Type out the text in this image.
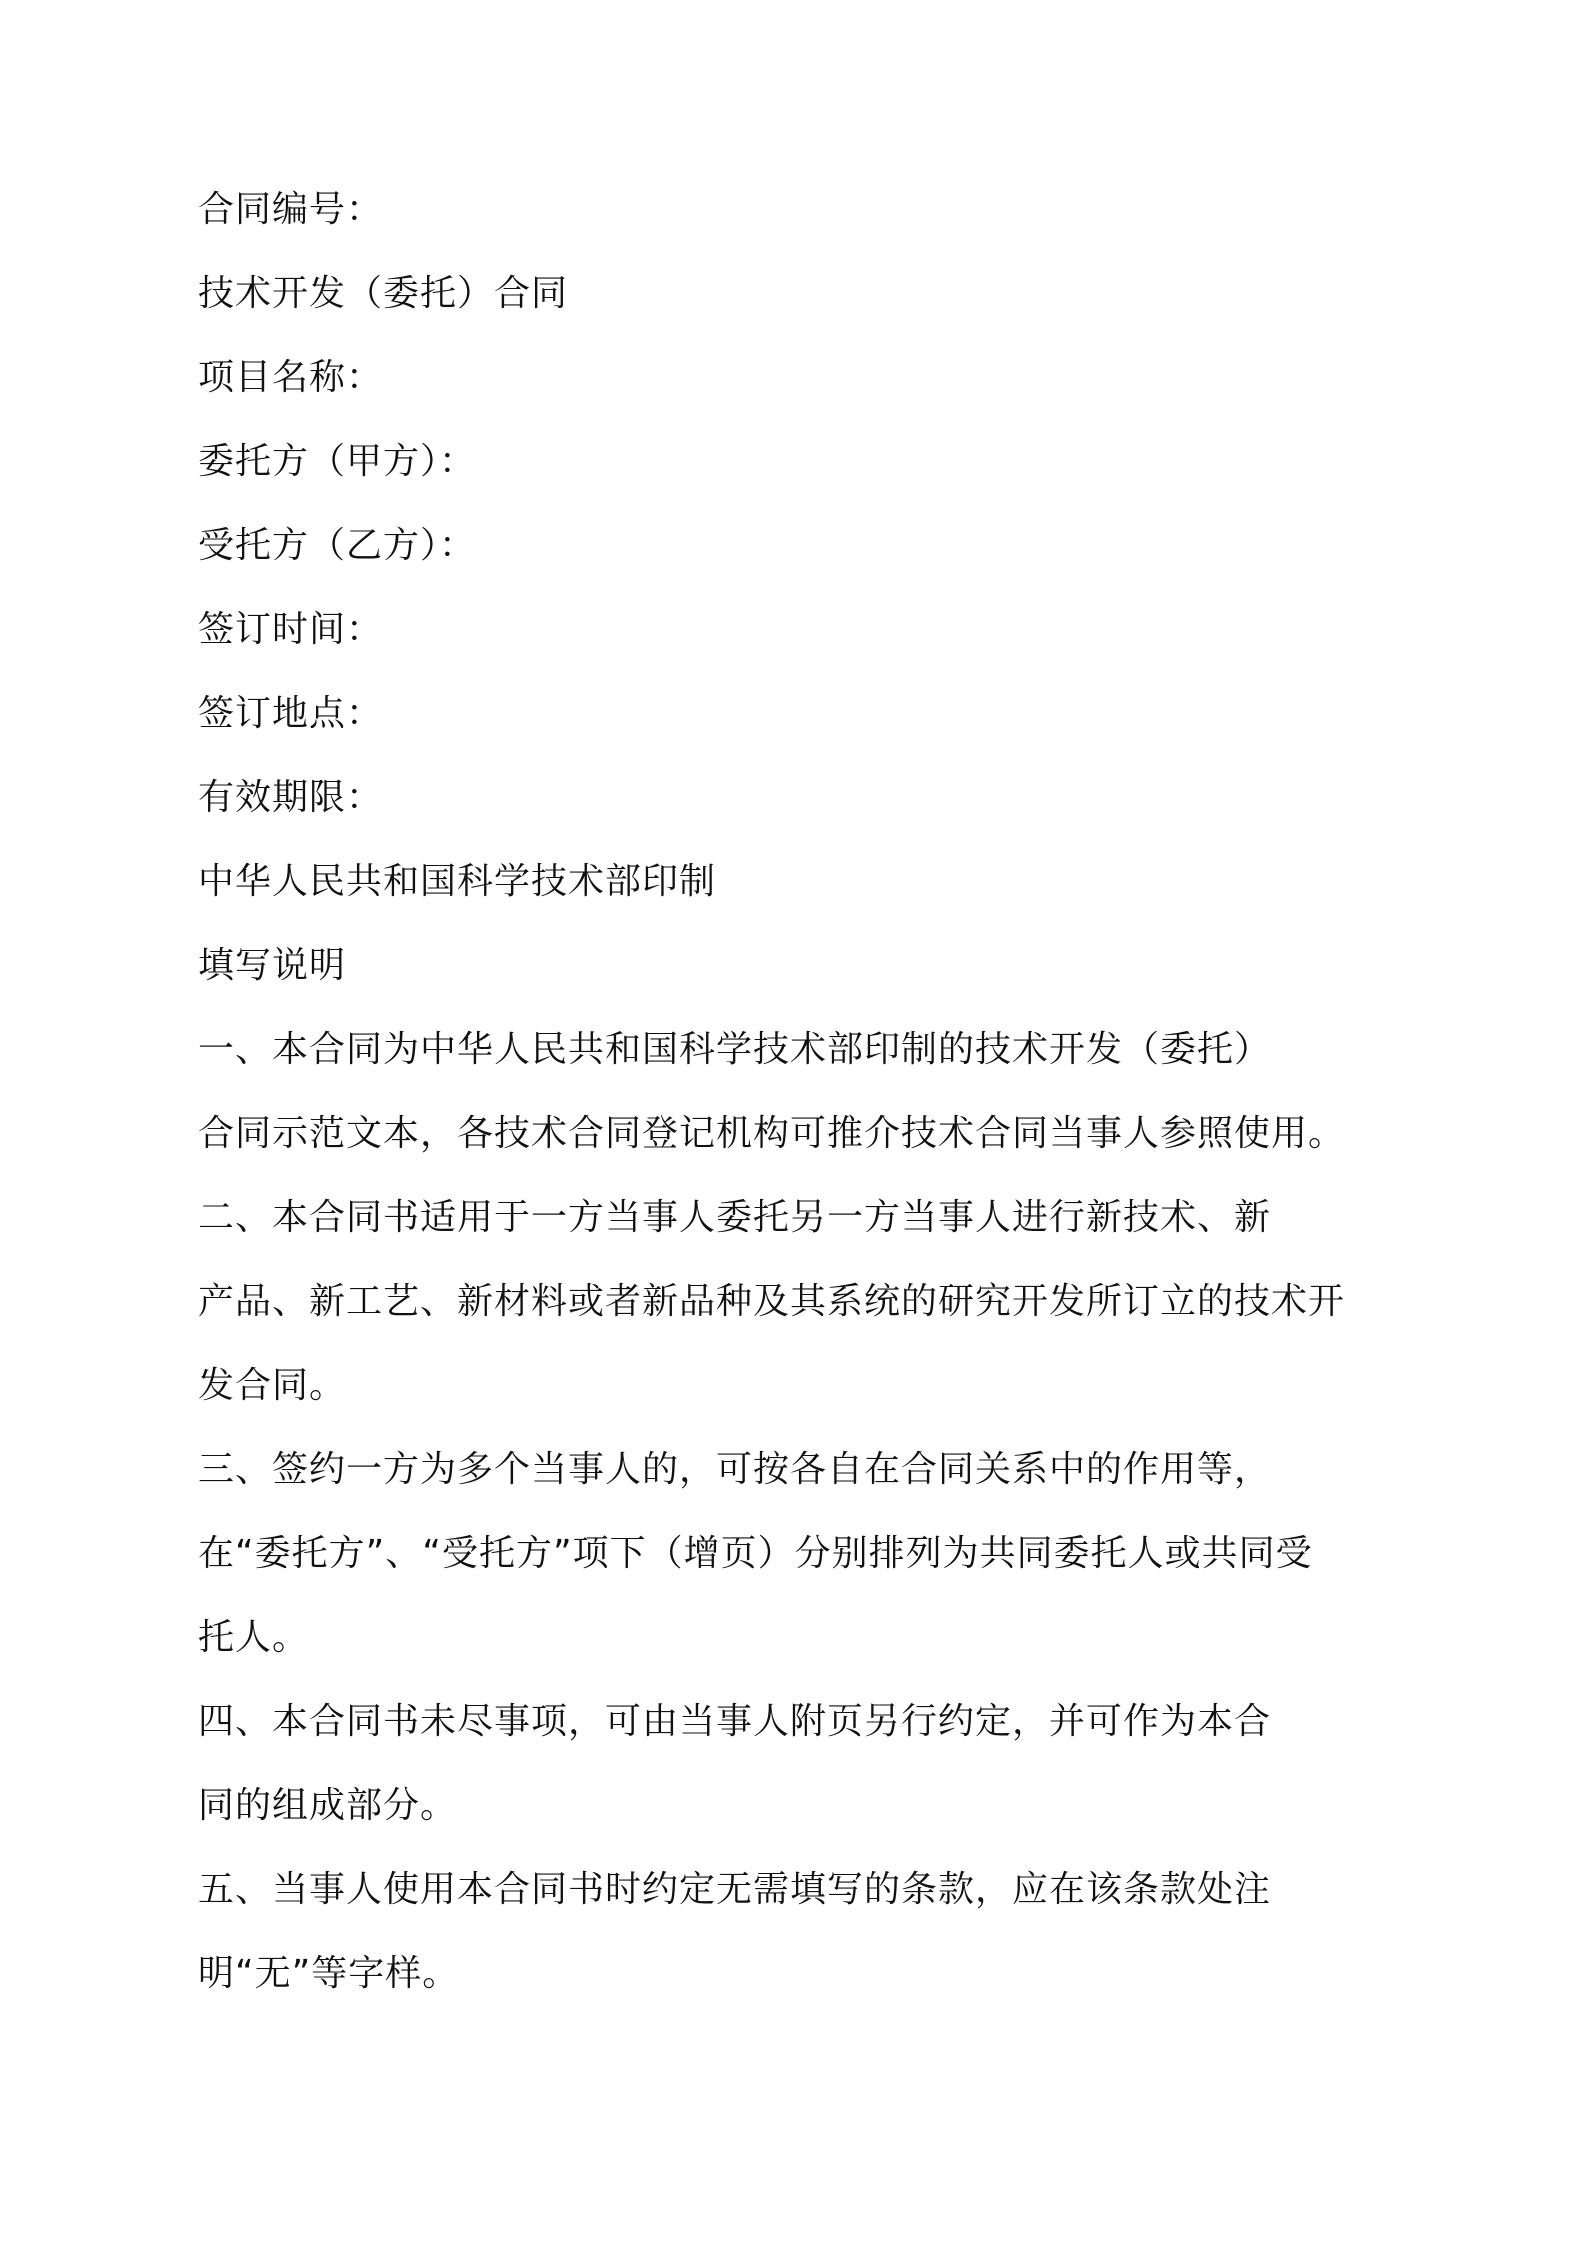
合同编号：
技术开发（委托）合同
项目名称：
委托方（甲方）：
受托方（乙方）：
签订时间：
签订地点：
有效期限：
中华人民共和国科学技术部印制
填写说明
一、本合同为中华人民共和国科学技术部印制的技术开发（委托）
合同示范文本，各技术合同登记机构可推介技术合同当事人参照使用。
二、本合同书适用于一方当事人委托另一方当事人进行新技术、新
产品、新工艺、新材料或者新品种及其系统的研究开发所订立的技术开
发合同。
三、签约一方为多个当事人的，可按各自在合同关系中的作用等，
在“委托方”、“受托方”项下（增页）分别排列为共同委托人或共同受
托人。
四、本合同书未尽事项，可由当事人附页另行约定，并可作为本合
同的组成部分。
五、当事人使用本合同书时约定无需填写的条款，应在该条款处注
明“无”等字样。
